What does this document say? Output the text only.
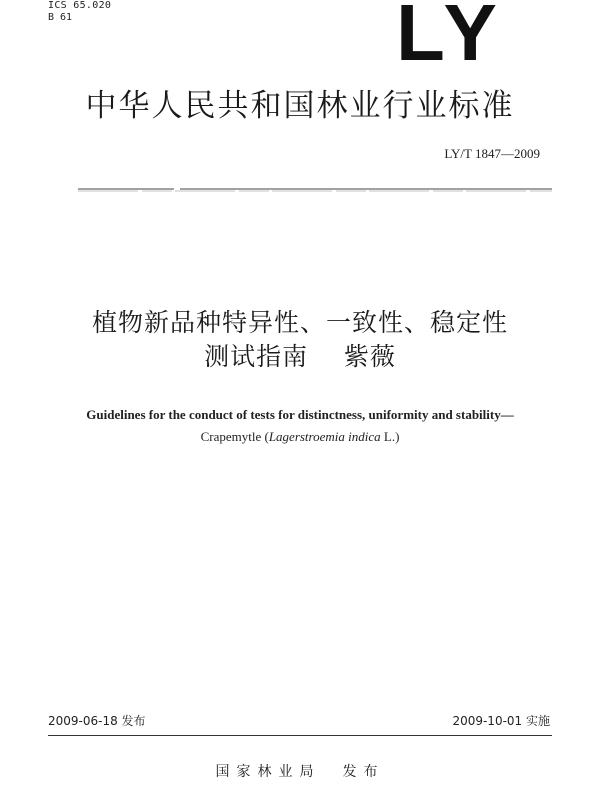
ICS 65.020
B 61	LY
中华人民共和国林业行业标准
LY/T 1847—2009
植物新品种特异性、一致性、稳定性
测试指南 紫薇
Guidelines for the conduct of tests for distinctness, uniformity and stability—
Crapemytle (Lagerstroemia indica L.)
2009-06-18 发布	2009-10-01 实施
国家林业局 发布
